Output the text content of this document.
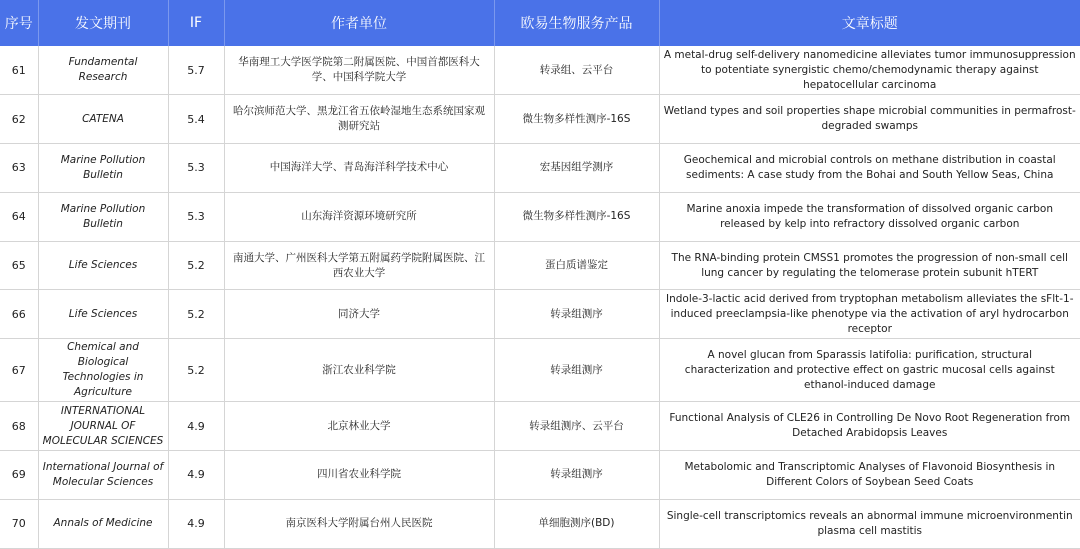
序号	发文期刊	IF	作者单位	欧易生物服务产品	文章标题
61	Fundamental Research	5.7	华南理工大学医学院第二附属医院、中国首都医科大学、中国科学院大学	转录组、云平台	A metal-drug self-delivery nanomedicine alleviates tumor immunosuppression to potentiate synergistic chemo/chemodynamic therapy against hepatocellular carcinoma
62	CATENA	5.4	哈尔滨师范大学、黑龙江省五依岭湿地生态系统国家观测研究站	微生物多样性测序-16S	Wetland types and soil properties shape microbial communities in permafrost-degraded swamps
63	Marine Pollution Bulletin	5.3	中国海洋大学、青岛海洋科学技术中心	宏基因组学测序	Geochemical and microbial controls on methane distribution in coastal sediments: A case study from the Bohai and South Yellow Seas, China
64	Marine Pollution Bulletin	5.3	山东海洋资源环境研究所	微生物多样性测序-16S	Marine anoxia impede the transformation of dissolved organic carbon released by kelp into refractory dissolved organic carbon
65	Life Sciences	5.2	南通大学、广州医科大学第五附属药学院附属医院、江西农业大学	蛋白质谱鉴定	The RNA-binding protein CMSS1 promotes the progression of non-small cell lung cancer by regulating the telomerase protein subunit hTERT
66	Life Sciences	5.2	同济大学	转录组测序	Indole-3-lactic acid derived from tryptophan metabolism alleviates the sFlt-1-induced preeclampsia-like phenotype via the activation of aryl hydrocarbon receptor
67	Chemical and Biological Technologies in Agriculture	5.2	浙江农业科学院	转录组测序	A novel glucan from Sparassis latifolia: purification, structural characterization and protective effect on gastric mucosal cells against ethanol-induced damage
68	INTERNATIONAL JOURNAL OF MOLECULAR SCIENCES	4.9	北京林业大学	转录组测序、云平台	Functional Analysis of CLE26 in Controlling De Novo Root Regeneration from Detached Arabidopsis Leaves
69	International Journal of Molecular Sciences	4.9	四川省农业科学院	转录组测序	Metabolomic and Transcriptomic Analyses of Flavonoid Biosynthesis in Different Colors of Soybean Seed Coats
70	Annals of Medicine	4.9	南京医科大学附属台州人民医院	单细胞测序(BD)	Single-cell transcriptomics reveals an abnormal immune microenvironmentin plasma cell mastitis
